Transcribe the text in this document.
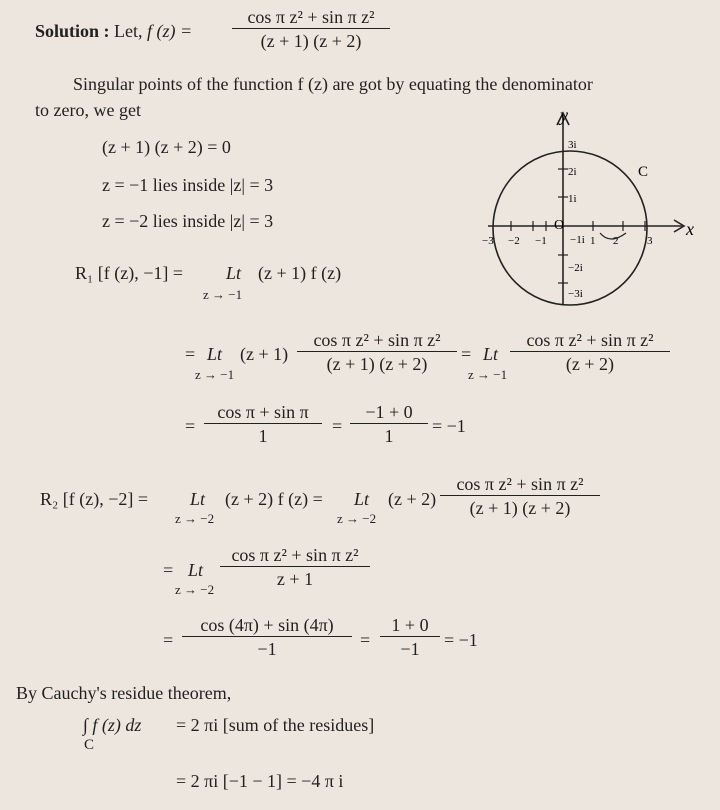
Solution : Let, f (z) =
cos π z² + sin π z²
(z + 1) (z + 2)
Singular points of the function f (z) are got by equating the denominator
to zero, we get
(z + 1) (z + 2) = 0
z = −1 lies inside |z| = 3
z = −2 lies inside |z| = 3	x
y
O
C
−3 −2 −1	1 2	3
3i
2i
1i
−1i
−2i
−3i
R₁ [f (z), −1] = Lt
z → −1
(z + 1) f (z)
= Lt
z → −1
(z + 1)
cos π z² + sin π z²
(z + 1) (z + 2)	= Lt
z → −1
cos π z² + sin π z²
(z + 2)
=
cos π + sin π
1	=
−1 + 0
1	= −1
R₂ [f (z), −2] = Lt
z → −2
(z + 2) f (z) = Lt
z → −2
(z + 2)
cos π z² + sin π z²
(z + 1) (z + 2)
= Lt
z → −2
cos π z² + sin π z²
z + 1
=
cos (4π) + sin (4π)
−1	=
1 + 0
−1	= −1
By Cauchy's residue theorem,
∫ f (z) dz
C
= 2 πi [sum of the residues]
= 2 πi [−1 − 1] = −4 π i
